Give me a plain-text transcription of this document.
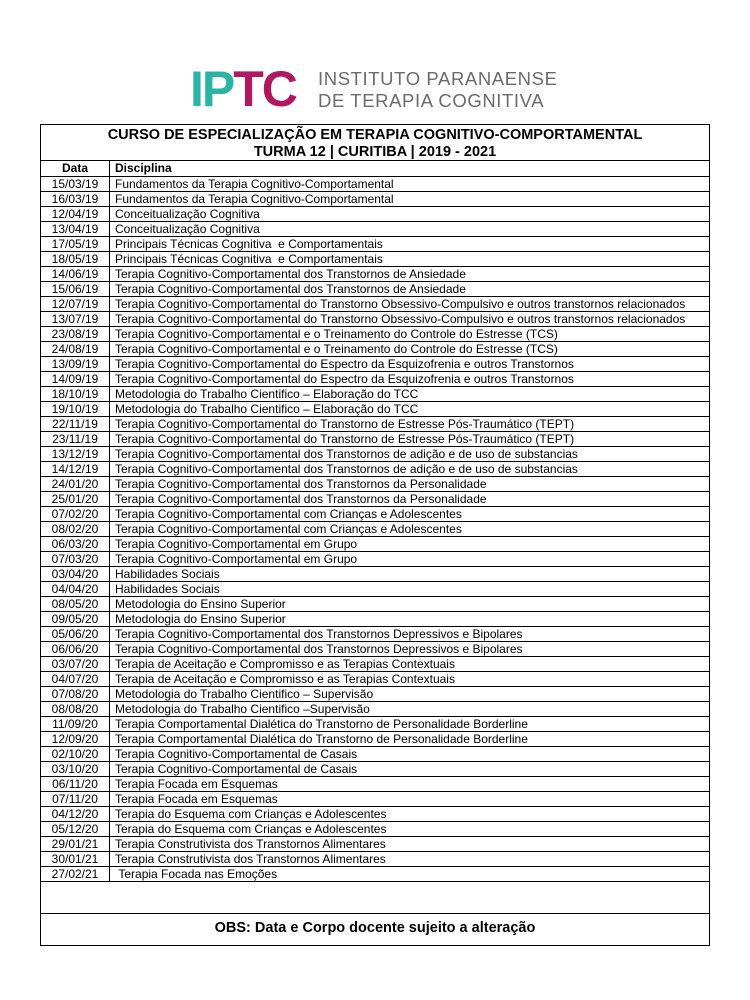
IP TC INSTITUTO PARANAENSE
DE TERAPIA COGNITIVA
CURSO DE ESPECIALIZAÇÃO EM TERAPIA COGNITIVO-COMPORTAMENTAL
TURMA 12 | CURITIBA | 2019 - 2021
Data	Disciplina
15/03/19	Fundamentos da Terapia Cognitivo-Comportamental
16/03/19	Fundamentos da Terapia Cognitivo-Comportamental
12/04/19	Conceitualização Cognitiva
13/04/19	Conceitualização Cognitiva
17/05/19	Principais Técnicas Cognitiva  e Comportamentais
18/05/19	Principais Técnicas Cognitiva  e Comportamentais
14/06/19	Terapia Cognitivo-Comportamental dos Transtornos de Ansiedade
15/06/19	Terapia Cognitivo-Comportamental dos Transtornos de Ansiedade
12/07/19	Terapia Cognitivo-Comportamental do Transtorno Obsessivo-Compulsivo e outros transtornos relacionados
13/07/19	Terapia Cognitivo-Comportamental do Transtorno Obsessivo-Compulsivo e outros transtornos relacionados
23/08/19	Terapia Cognitivo-Comportamental e o Treinamento do Controle do Estresse (TCS)
24/08/19	Terapia Cognitivo-Comportamental e o Treinamento do Controle do Estresse (TCS)
13/09/19	Terapia Cognitivo-Comportamental do Espectro da Esquizofrenia e outros Transtornos
14/09/19	Terapia Cognitivo-Comportamental do Espectro da Esquizofrenia e outros Transtornos
18/10/19	Metodologia do Trabalho Cientifico – Elaboração do TCC
19/10/19	Metodologia do Trabalho Cientifico – Elaboração do TCC
22/11/19	Terapia Cognitivo-Comportamental do Transtorno de Estresse Pós-Traumático (TEPT)
23/11/19	Terapia Cognitivo-Comportamental do Transtorno de Estresse Pós-Traumático (TEPT)
13/12/19	Terapia Cognitivo-Comportamental dos Transtornos de adição e de uso de substancias
14/12/19	Terapia Cognitivo-Comportamental dos Transtornos de adição e de uso de substancias
24/01/20	Terapia Cognitivo-Comportamental dos Transtornos da Personalidade
25/01/20	Terapia Cognitivo-Comportamental dos Transtornos da Personalidade
07/02/20	Terapia Cognitivo-Comportamental com Crianças e Adolescentes
08/02/20	Terapia Cognitivo-Comportamental com Crianças e Adolescentes
06/03/20	Terapia Cognitivo-Comportamental em Grupo
07/03/20	Terapia Cognitivo-Comportamental em Grupo
03/04/20	Habilidades Sociais
04/04/20	Habilidades Sociais
08/05/20	Metodologia do Ensino Superior
09/05/20	Metodologia do Ensino Superior
05/06/20	Terapia Cognitivo-Comportamental dos Transtornos Depressivos e Bipolares
06/06/20	Terapia Cognitivo-Comportamental dos Transtornos Depressivos e Bipolares
03/07/20	Terapia de Aceitação e Compromisso e as Terapias Contextuais
04/07/20	Terapia de Aceitação e Compromisso e as Terapias Contextuais
07/08/20	Metodologia do Trabalho Cientifico – Supervisão
08/08/20	Metodologia do Trabalho Cientifico –Supervisão
11/09/20	Terapia Comportamental Dialética do Transtorno de Personalidade Borderline
12/09/20	Terapia Comportamental Dialética do Transtorno de Personalidade Borderline
02/10/20	Terapia Cognitivo-Comportamental de Casais
03/10/20	Terapia Cognitivo-Comportamental de Casais
06/11/20	Terapia Focada em Esquemas
07/11/20	Terapia Focada em Esquemas
04/12/20	Terapia do Esquema com Crianças e Adolescentes
05/12/20	Terapia do Esquema com Crianças e Adolescentes
29/01/21	Terapia Construtivista dos Transtornos Alimentares
30/01/21	Terapia Construtivista dos Transtornos Alimentares
27/02/21	Terapia Focada nas Emoções
OBS: Data e Corpo docente sujeito a alteração
